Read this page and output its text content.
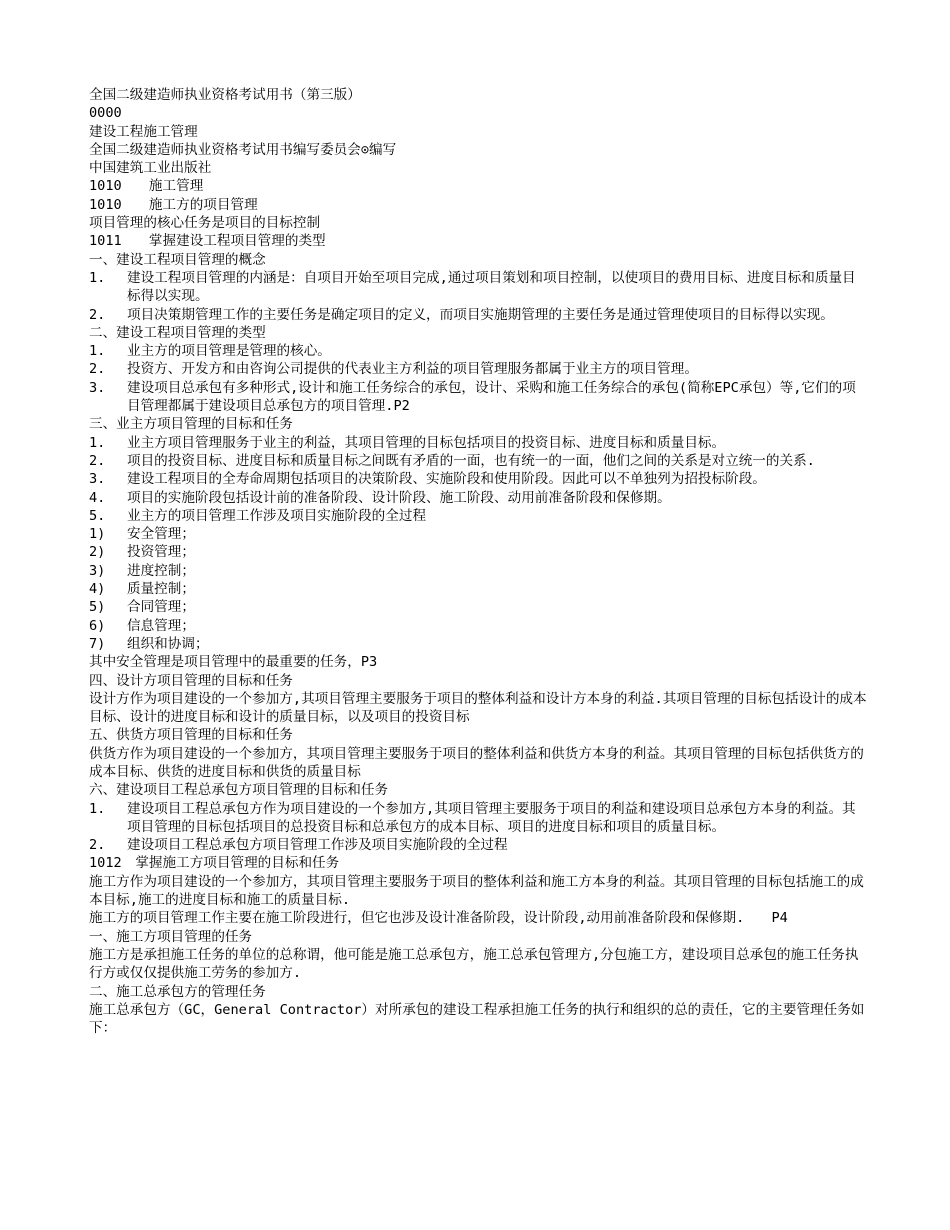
全国二级建造师执业资格考试用书（第三版）
0000
建设工程施工管理
全国二级建造师执业资格考试用书编写委员会⊙编写
中国建筑工业出版社
1010　　施工管理
1010　　施工方的项目管理
项目管理的核心任务是项目的目标控制
1011　　掌握建设工程项目管理的类型
一、建设工程项目管理的概念
1.	建设工程项目管理的内涵是：自项目开始至项目完成,通过项目策划和项目控制，以使项目的费用目标、进度目标和质量目标得以实现。
2.	项目决策期管理工作的主要任务是确定项目的定义，而项目实施期管理的主要任务是通过管理使项目的目标得以实现。
二、建设工程项目管理的类型
1.	业主方的项目管理是管理的核心。
2.	投资方、开发方和由咨询公司提供的代表业主方利益的项目管理服务都属于业主方的项目管理。
3.	建设项目总承包有多种形式,设计和施工任务综合的承包，设计、采购和施工任务综合的承包(简称EPC承包）等,它们的项目管理都属于建设项目总承包方的项目管理.P2
三、业主方项目管理的目标和任务
1.	业主方项目管理服务于业主的利益，其项目管理的目标包括项目的投资目标、进度目标和质量目标。
2.	项目的投资目标、进度目标和质量目标之间既有矛盾的一面，也有统一的一面，他们之间的关系是对立统一的关系.
3.	建设工程项目的全寿命周期包括项目的决策阶段、实施阶段和使用阶段。因此可以不单独列为招投标阶段。
4.	项目的实施阶段包括设计前的准备阶段、设计阶段、施工阶段、动用前准备阶段和保修期。
5.	业主方的项目管理工作涉及项目实施阶段的全过程
1)	安全管理；
2)	投资管理；
3)	进度控制；
4)	质量控制；
5)	合同管理；
6)	信息管理；
7)	组织和协调；
其中安全管理是项目管理中的最重要的任务，P3
四、设计方项目管理的目标和任务
设计方作为项目建设的一个参加方,其项目管理主要服务于项目的整体利益和设计方本身的利益.其项目管理的目标包括设计的成本目标、设计的进度目标和设计的质量目标，以及项目的投资目标
五、供货方项目管理的目标和任务
供货方作为项目建设的一个参加方，其项目管理主要服务于项目的整体利益和供货方本身的利益。其项目管理的目标包括供货方的成本目标、供货的进度目标和供货的质量目标
六、建设项目工程总承包方项目管理的目标和任务
1.	建设项目工程总承包方作为项目建设的一个参加方,其项目管理主要服务于项目的利益和建设项目总承包方本身的利益。其项目管理的目标包括项目的总投资目标和总承包方的成本目标、项目的进度目标和项目的质量目标。
2.	建设项目工程总承包方项目管理工作涉及项目实施阶段的全过程
1012　掌握施工方项目管理的目标和任务
施工方作为项目建设的一个参加方，其项目管理主要服务于项目的整体利益和施工方本身的利益。其项目管理的目标包括施工的成本目标,施工的进度目标和施工的质量目标.
施工方的项目管理工作主要在施工阶段进行，但它也涉及设计准备阶段，设计阶段,动用前准备阶段和保修期.　　P4
一、施工方项目管理的任务
施工方是承担施工任务的单位的总称谓，他可能是施工总承包方，施工总承包管理方,分包施工方，建设项目总承包的施工任务执行方或仅仅提供施工劳务的参加方.
二、施工总承包方的管理任务
施工总承包方（GC，General Contractor）对所承包的建设工程承担施工任务的执行和组织的总的责任，它的主要管理任务如下：
